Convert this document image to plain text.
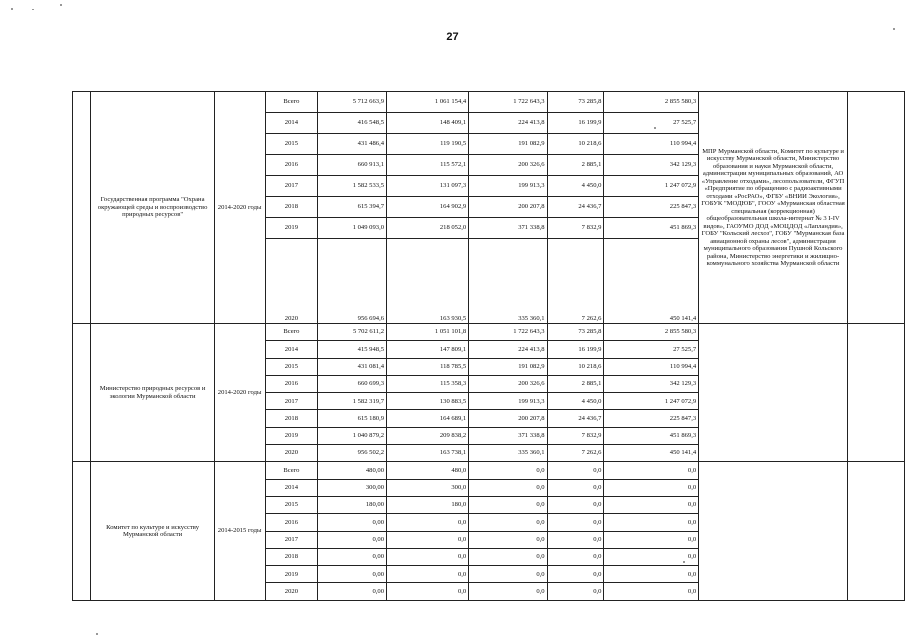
27
	Государственная программа "Охрана окружающей среды и воспроизводство природных ресурсов"	2014-2020 годы	Всего	5 712 663,9	1 061 154,4	1 722 643,3	73 285,8	2 855 580,3	МПР Мурманской области, Комитет по культуре и искусству Мурманской области, Министерство образования и науки Мурманской области, администрации муниципальных образований, АО «Управление отходами», лесопользователи, ФГУП «Предприятие по обращению с радиоактивными отходами «РосРАО», ФГБУ «ВНИИ Экология», ГОБУК "МОДЮБ", ГООУ «Мурманская областная специальная (коррекционная) общеобразовательная школа-интернат № 3 I-IV видов», ГАОУМО ДОД «МОЦДОД «Лапландия», ГОБУ "Кольский лесхоз", ГОБУ "Мурманская база авиационной охраны лесов", администрация муниципального образования Пушной Кольского района, Министерство энергетики и жилищно-коммунального хозяйства Мурманской области	
			2014	416 548,5	148 409,1	224 413,8	16 199,9	27 525,7		
			2015	431 486,4	119 190,5	191 082,9	10 218,6	110 994,4		
			2016	660 913,1	115 572,1	200 326,6	2 885,1	342 129,3		
			2017	1 582 533,5	131 097,3	199 913,3	4 450,0	1 247 072,9		
			2018	615 394,7	164 902,9	200 207,8	24 436,7	225 847,3		
			2019	1 049 093,0	218 052,0	371 338,8	7 832,9	451 869,3		
			2020	956 694,6	163 930,5	335 360,1	7 262,6	450 141,4		
	Министерство природных ресурсов и экологии Мурманской области	2014-2020 годы	Всего	5 702 611,2	1 051 101,8	1 722 643,3	73 285,8	2 855 580,3		
			2014	415 948,5	147 809,1	224 413,8	16 199,9	27 525,7		
			2015	431 081,4	118 785,5	191 082,9	10 218,6	110 994,4		
			2016	660 699,3	115 358,3	200 326,6	2 885,1	342 129,3		
			2017	1 582 319,7	130 883,5	199 913,3	4 450,0	1 247 072,9		
			2018	615 180,9	164 689,1	200 207,8	24 436,7	225 847,3		
			2019	1 040 879,2	209 838,2	371 338,8	7 832,9	451 869,3		
			2020	956 502,2	163 738,1	335 360,1	7 262,6	450 141,4		
	Комитет по культуре и искусству Мурманской области	2014-2015 годы	Всего	480,00	480,0	0,0	0,0	0,0		
			2014	300,00	300,0	0,0	0,0	0,0		
			2015	180,00	180,0	0,0	0,0	0,0		
			2016	0,00	0,0	0,0	0,0	0,0		
			2017	0,00	0,0	0,0	0,0	0,0		
			2018	0,00	0,0	0,0	0,0	0,0		
			2019	0,00	0,0	0,0	0,0	0,0		
			2020	0,00	0,0	0,0	0,0	0,0		
